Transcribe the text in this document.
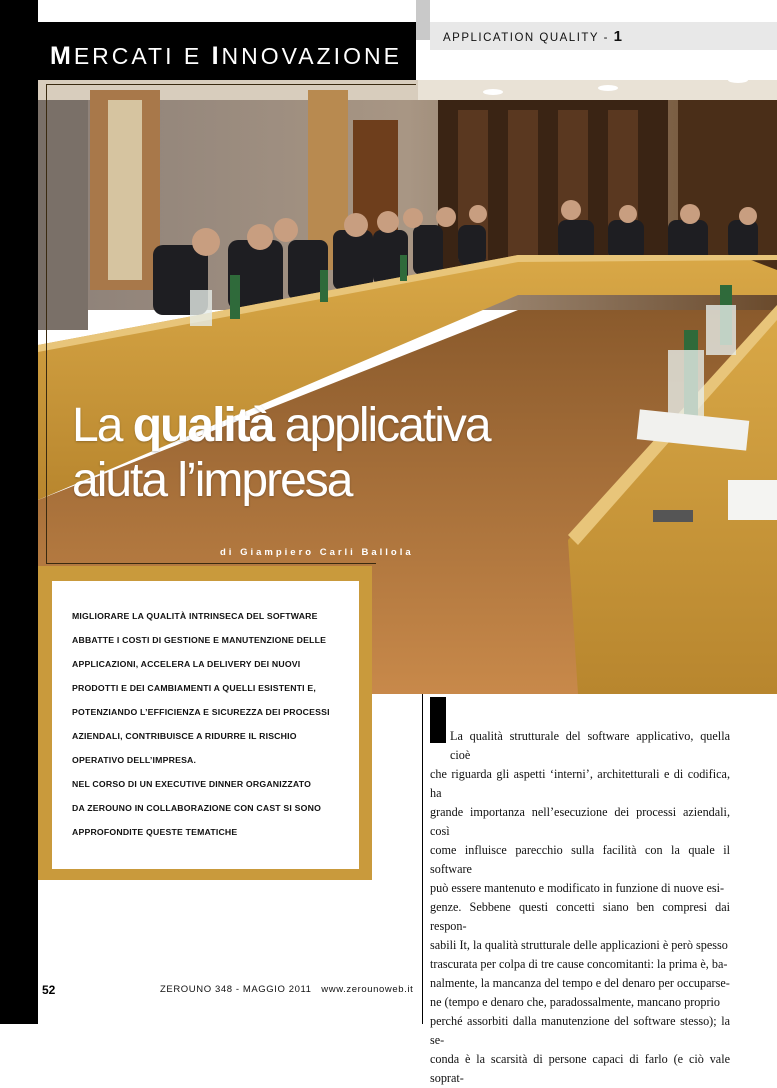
MERCATI E INNOVAZIONE
APPLICATION QUALITY - 1
La qualità applicativa
aiuta l’impresa
di Giampiero Carli Ballola

MIGLIORARE LA QUALITÀ INTRINSECA DEL SOFTWARE

ABBATTE I COSTI DI GESTIONE E MANUTENZIONE DELLE

APPLICAZIONI, ACCELERA LA DELIVERY DEI NUOVI

PRODOTTI E DEI CAMBIAMENTI A QUELLI ESISTENTI E,

POTENZIANDO L’EFFICIENZA E SICUREZZA DEI PROCESSI

AZIENDALI, CONTRIBUISCE A RIDURRE IL RISCHIO

OPERATIVO DELL’IMPRESA.

NEL CORSO DI UN EXECUTIVE DINNER ORGANIZZATO

DA ZEROUNO IN COLLABORAZIONE CON CAST SI SONO

APPROFONDITE QUESTE TEMATICHE

La qualità strutturale del software applicativo, quella cioè
che riguarda gli aspetti ‘interni’, architetturali e di codifica, ha
grande importanza nell’esecuzione dei processi aziendali, così
come influisce parecchio sulla facilità con la quale il software
può essere mantenuto e modificato in funzione di nuove esi-
genze. Sebbene questi concetti siano ben compresi dai respon-
sabili It, la qualità strutturale delle applicazioni è però spesso
trascurata per colpa di tre cause concomitanti: la prima è, ba-
nalmente, la mancanza del tempo e del denaro per occuparse-
ne (tempo e denaro che, paradossalmente, mancano proprio
perché assorbiti dalla manutenzione del software stesso); la se-
conda è la scarsità di persone capaci di farlo (e ciò vale soprat-
52	ZEROUNO 348 - MAGGIO 2011 www.zerounoweb.it
